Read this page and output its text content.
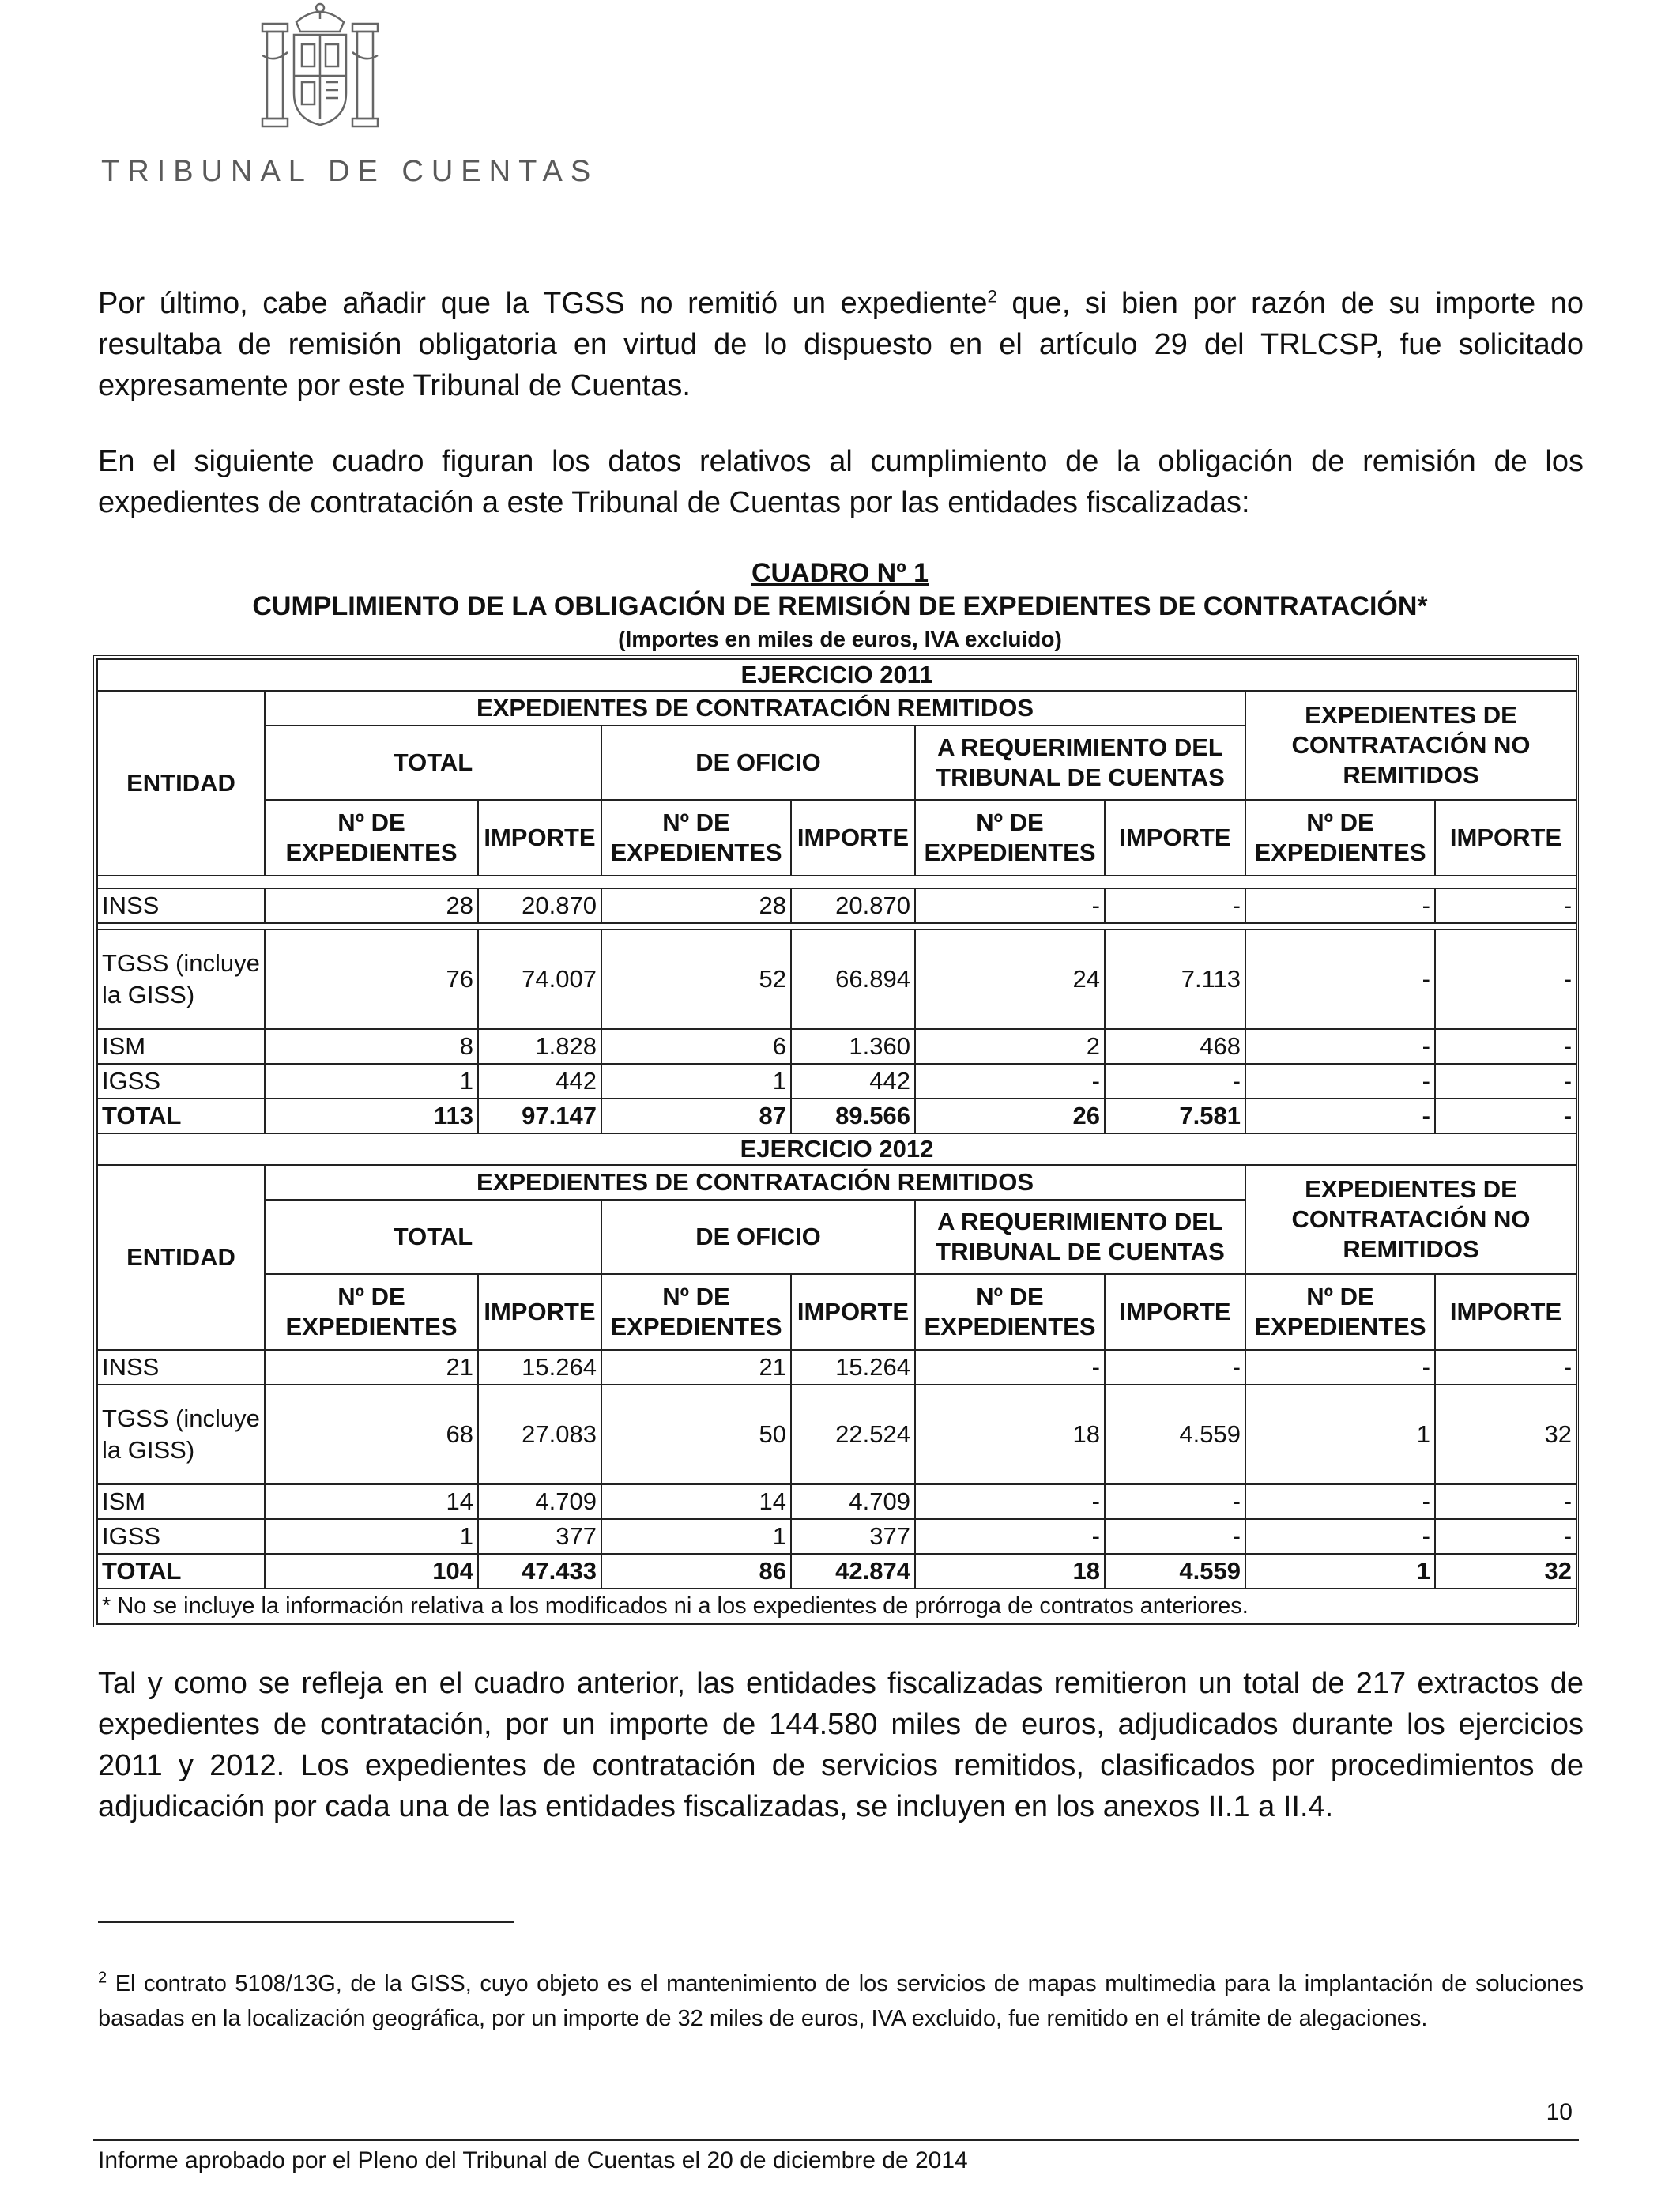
TRIBUNAL DE CUENTAS
Por último, cabe añadir que la TGSS no remitió un expediente$^2$ que, si bien por razón de su importe no resultaba de remisión obligatoria en virtud de lo dispuesto en el artículo 29 del TRLCSP, fue solicitado expresamente por este Tribunal de Cuentas.
En el siguiente cuadro figuran los datos relativos al cumplimiento de la obligación de remisión de los expedientes de contratación a este Tribunal de Cuentas por las entidades fiscalizadas:
CUADRO Nº 1
CUMPLIMIENTO DE LA OBLIGACIÓN DE REMISIÓN DE EXPEDIENTES DE CONTRATACIÓN*
(Importes en miles de euros, IVA excluido)
EJERCICIO 2011								
ENTIDAD	EXPEDIENTES DE CONTRATACIÓN REMITIDOS						EXPEDIENTES DE CONTRATACIÓN NO REMITIDOS	
	TOTAL		DE OFICIO		A REQUERIMIENTO DEL TRIBUNAL DE CUENTAS			
	Nº DE EXPEDIENTES	IMPORTE	Nº DE EXPEDIENTES	IMPORTE	Nº DE EXPEDIENTES	IMPORTE	Nº DE EXPEDIENTES	IMPORTE

INSS	28	20.870	28	20.870	-	-	-	-

TGSS (incluye la GISS)	76	74.007	52	66.894	24	7.113	-	-
ISM	8	1.828	6	1.360	2	468	-	-
IGSS	1	442	1	442	-	-	-	-
TOTAL	113	97.147	87	89.566	26	7.581	-	-
EJERCICIO 2012								
ENTIDAD	EXPEDIENTES DE CONTRATACIÓN REMITIDOS						EXPEDIENTES DE CONTRATACIÓN NO REMITIDOS	
	TOTAL		DE OFICIO		A REQUERIMIENTO DEL TRIBUNAL DE CUENTAS			
	Nº DE EXPEDIENTES	IMPORTE	Nº DE EXPEDIENTES	IMPORTE	Nº DE EXPEDIENTES	IMPORTE	Nº DE EXPEDIENTES	IMPORTE
INSS	21	15.264	21	15.264	-	-	-	-
TGSS (incluye la GISS)	68	27.083	50	22.524	18	4.559	1	32
ISM	14	4.709	14	4.709	-	-	-	-
IGSS	1	377	1	377	-	-	-	-
TOTAL	104	47.433	86	42.874	18	4.559	1	32
* No se incluye la información relativa a los modificados ni a los expedientes de prórroga de contratos anteriores.								
Tal y como se refleja en el cuadro anterior, las entidades fiscalizadas remitieron un total de 217 extractos de expedientes de contratación, por un importe de 144.580 miles de euros, adjudicados durante los ejercicios 2011 y 2012. Los expedientes de contratación de servicios remitidos, clasificados por procedimientos de adjudicación por cada una de las entidades fiscalizadas, se incluyen en los anexos II.1 a II.4.
$^2$ El contrato 5108/13G, de la GISS, cuyo objeto es el mantenimiento de los servicios de mapas multimedia para la implantación de soluciones basadas en la localización geográfica, por un importe de 32 miles de euros, IVA excluido, fue remitido en el trámite de alegaciones.
10
Informe aprobado por el Pleno del Tribunal de Cuentas el 20 de diciembre de 2014
